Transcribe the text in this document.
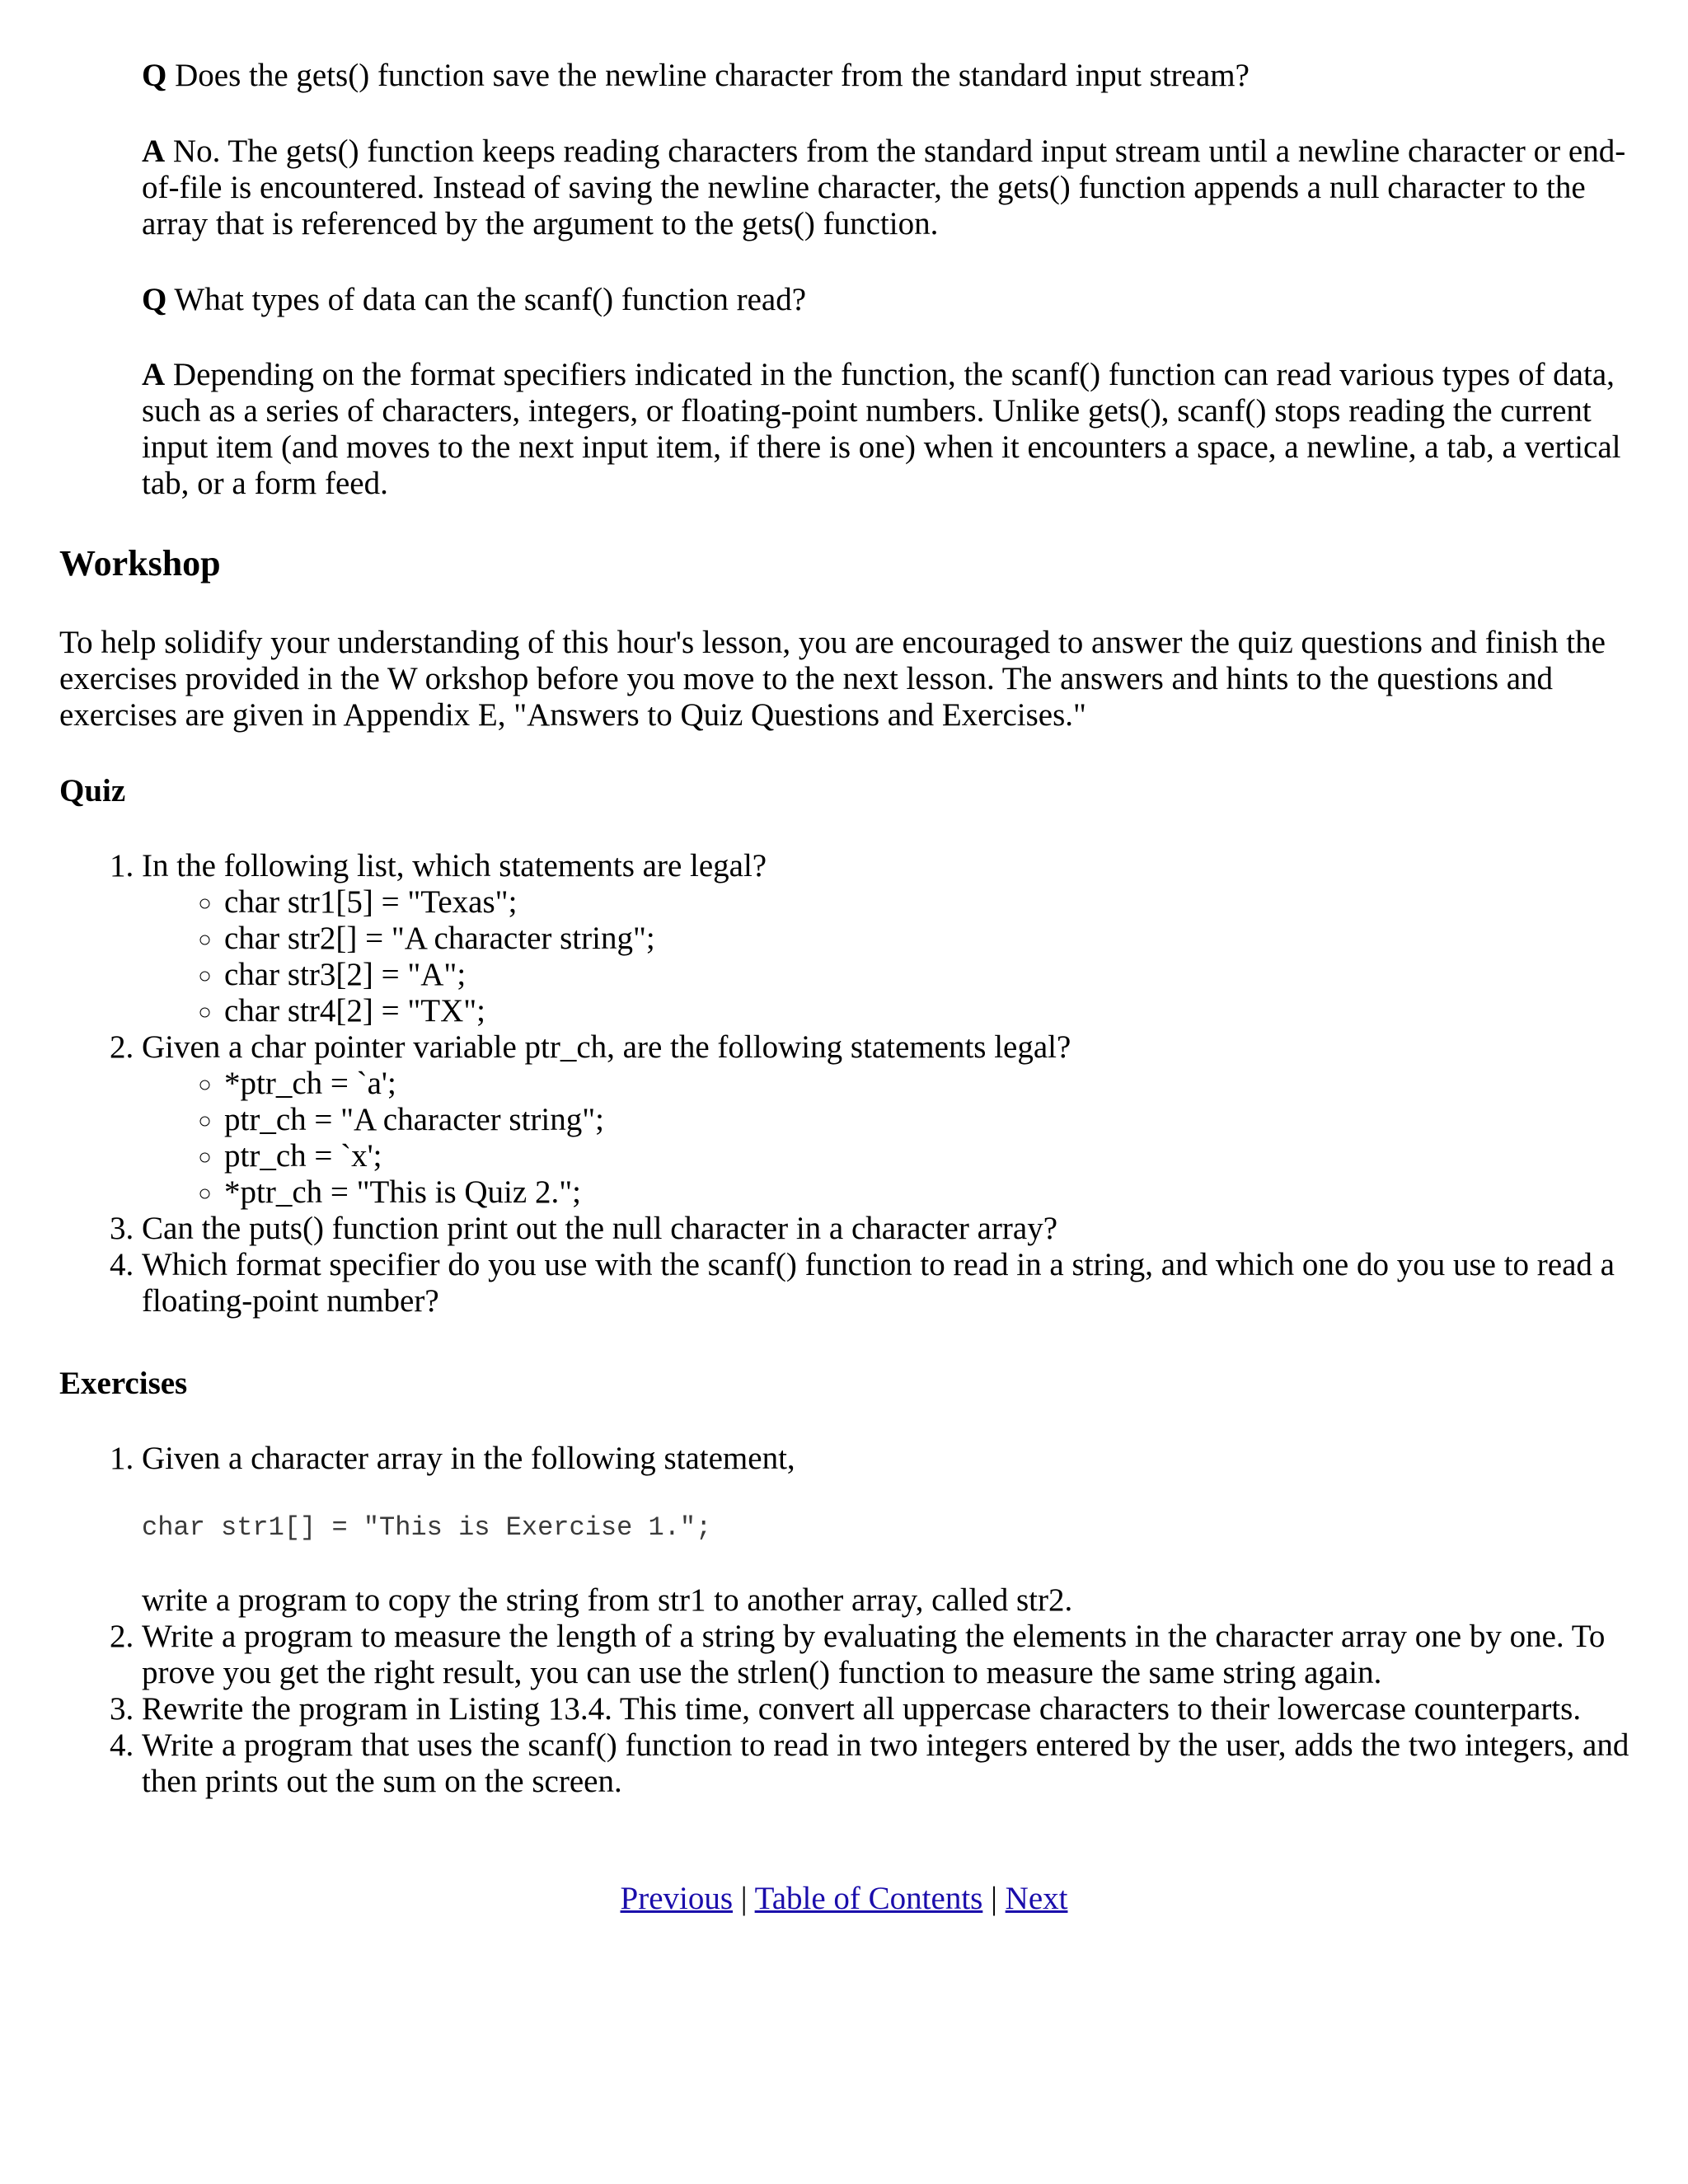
Q Does the gets() function save the newline character from the standard input stream?

A No. The gets() function keeps reading characters from the standard input stream until a newline character or end-of-file is encountered. Instead of saving the newline character, the gets() function appends a null character to the array that is referenced by the argument to the gets() function.

Q What types of data can the scanf() function read?

A Depending on the format specifiers indicated in the function, the scanf() function can read various types of data, such as a series of characters, integers, or floating-point numbers. Unlike gets(), scanf() stops reading the current input item (and moves to the next input item, if there is one) when it encounters a space, a newline, a tab, a vertical tab, or a form feed.

Workshop

To help solidify your understanding of this hour's lesson, you are encouraged to answer the quiz questions and finish the exercises provided in the W orkshop before you move to the next lesson. The answers and hints to the questions and exercises are given in Appendix E, "Answers to Quiz Questions and Exercises."

Quiz
1. In the following list, which statements are legal?
◦ char str1[5] = "Texas";
◦ char str2[] = "A character string";
◦ char str3[2] = "A";
◦ char str4[2] = "TX";
2. Given a char pointer variable ptr_ch, are the following statements legal?
◦ *ptr_ch = `a';
◦ ptr_ch = "A character string";
◦ ptr_ch = `x';
◦ *ptr_ch = "This is Quiz 2.";
3. Can the puts() function print out the null character in a character array?
4. Which format specifier do you use with the scanf() function to read in a string, and which one do you use to read a floating-point number?
Exercises
1. Given a character array in the following statement,
char str1[] = "This is Exercise 1.";
write a program to copy the string from str1 to another array, called str2.
2. Write a program to measure the length of a string by evaluating the elements in the character array one by one. To prove you get the right result, you can use the strlen() function to measure the same string again.
3. Rewrite the program in Listing 13.4. This time, convert all uppercase characters to their lowercase counterparts.
4. Write a program that uses the scanf() function to read in two integers entered by the user, adds the two integers, and then prints out the sum on the screen.

Previous | Table of Contents | Next
